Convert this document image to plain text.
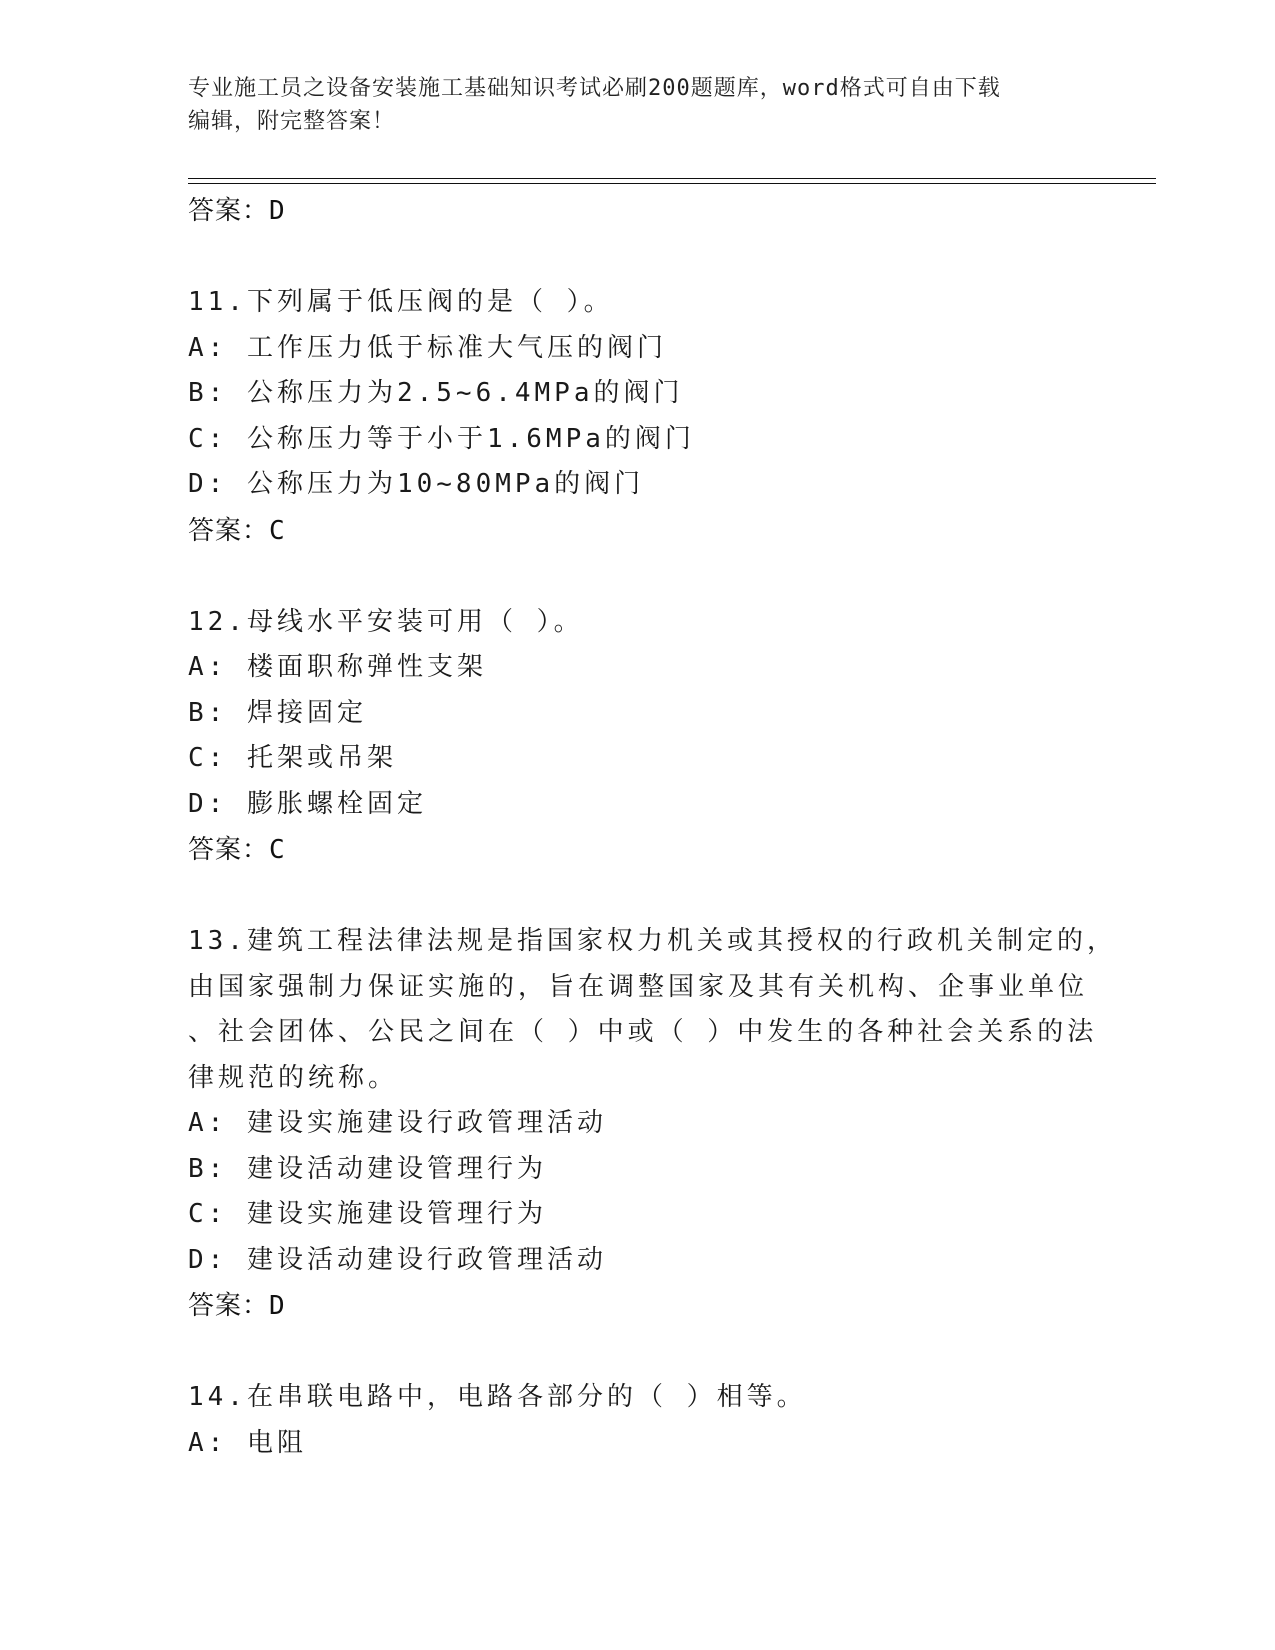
专业施工员之设备安装施工基础知识考试必刷200题题库，word格式可自由下载
编辑，附完整答案！
答案：D
11.下列属于低压阀的是（ ）。
A: 工作压力低于标准大气压的阀门
B: 公称压力为2.5~6.4MPa的阀门
C: 公称压力等于小于1.6MPa的阀门
D: 公称压力为10~80MPa的阀门
答案：C
12.母线水平安装可用（ ）。
A: 楼面职称弹性支架
B: 焊接固定
C: 托架或吊架
D: 膨胀螺栓固定
答案：C
13.建筑工程法律法规是指国家权力机关或其授权的行政机关制定的，
由国家强制力保证实施的，旨在调整国家及其有关机构、企事业单位
、社会团体、公民之间在（ ）中或（ ）中发生的各种社会关系的法
律规范的统称。
A: 建设实施建设行政管理活动
B: 建设活动建设管理行为
C: 建设实施建设管理行为
D: 建设活动建设行政管理活动
答案：D
14.在串联电路中，电路各部分的（ ）相等。
A: 电阻
